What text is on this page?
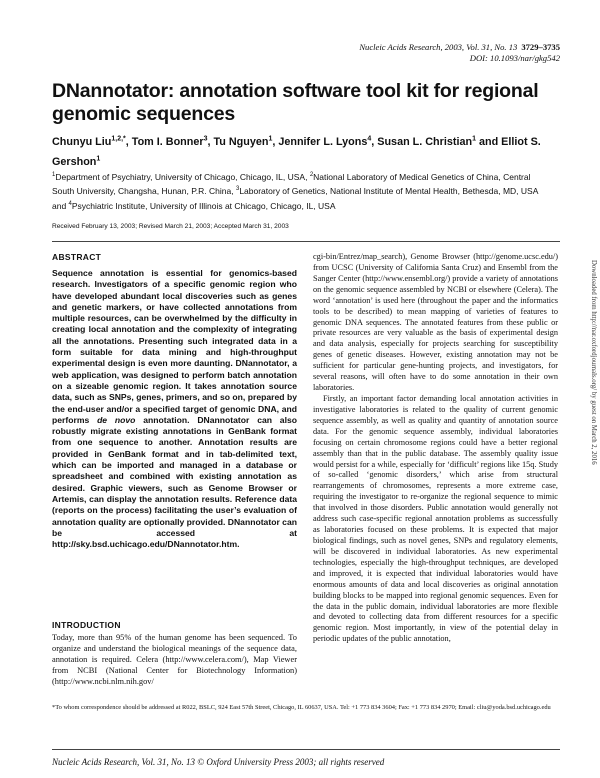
Nucleic Acids Research, 2003, Vol. 31, No. 13 3729–3735
DOI: 10.1093/nar/gkg542
DNannotator: annotation software tool kit for regional genomic sequences

Chunyu Liu$^{1,2,*}$, Tom I. Bonner$^3$, Tu Nguyen$^1$, Jennifer L. Lyons$^4$, Susan L. Christian$^1$ and Elliot S. Gershon$^1$

$^1$Department of Psychiatry, University of Chicago, Chicago, IL, USA, $^2$National Laboratory of Medical Genetics of China, Central South University, Changsha, Hunan, P.R. China, $^3$Laboratory of Genetics, National Institute of Mental Health, Bethesda, MD, USA and $^4$Psychiatric Institute, University of Illinois at Chicago, Chicago, IL, USA

Received February 13, 2003; Revised March 21, 2003; Accepted March 31, 2003
ABSTRACT

Sequence annotation is essential for genomics-based research. Investigators of a specific genomic region who have developed abundant local discoveries such as genes and genetic markers, or have collected annotations from multiple resources, can be overwhelmed by the difficulty in creating local annotation and the complexity of integrating all the annotations. Presenting such integrated data in a form suitable for data mining and high-throughput experimental design is even more daunting. DNannotator, a web application, was designed to perform batch annotation on a sizeable genomic region. It takes annotation source data, such as SNPs, genes, primers, and so on, prepared by the end-user and/or a specified target of genomic DNA, and performs de novo annotation. DNannotator can also robustly migrate existing annotations in GenBank format from one sequence to another. Annotation results are provided in GenBank format and in tab-delimited text, which can be imported and managed in a database or spreadsheet and combined with existing annotation as desired. Graphic viewers, such as Genome Browser or Artemis, can display the annotation results. Reference data (reports on the process) facilitating the user’s evaluation of annotation quality are optionally provided. DNannotator can be accessed at http://sky.bsd.uchicago.edu/DNannotator.htm.

INTRODUCTION

Today, more than 95% of the human genome has been sequenced. To organize and understand the biological meanings of the sequence data, annotation is required. Celera (http://www.celera.com/), Map Viewer from NCBI (National Center for Biotechnology Information) (http://www.ncbi.nlm.nih.gov/

cgi-bin/Entrez/map_search), Genome Browser (http://genome.ucsc.edu/) from UCSC (University of California Santa Cruz) and Ensembl from the Sanger Center (http://www.ensembl.org/) provide a variety of annotations on the genomic sequence assembled by NCBI or elsewhere (Celera). The word ‘annotation’ is used here (throughout the paper and the informatics tools to be described) to mean mapping of varieties of features to genomic DNA sequences. The annotated features from these public or private resources are very valuable as the basis of experimental design and data analysis, especially for projects searching for susceptibility genes of genetic diseases. However, existing annotation may not be sufficient for particular gene-hunting projects, and investigators, for several reasons, will often have to do some annotation in their own laboratories.

Firstly, an important factor demanding local annotation activities in investigative laboratories is related to the quality of current genomic sequence assembly, as well as quality and quantity of annotation source data. For the genomic sequence assembly, individual laboratories focusing on certain chromosome regions could have a better regional assembly than that in the public database. The assembly quality issue would persist for a while, especially for ‘difficult’ regions like 15q. Study of so-called ‘genomic disorders,’ which arise from structural rearrangements of chromosomes, represents a more extreme case, requiring the investigator to re-organize the regional sequence to mimic that involved in those disorders. Public annotation would generally not address such case-specific regional annotation problems as successfully as laboratories focused on these problems. It is expected that major biological findings, such as novel genes, SNPs and regulatory elements, will be discovered in individual laboratories. As new experimental technologies, especially the high-throughput techniques, are developed and improved, it is expected that individual laboratories would have enormous amounts of data and local discoveries as original annotation building blocks to be mapped into regional genomic sequences. Even for the data in the public domain, individual laboratories are more flexible and devoted to collecting data from different resources for a specific genomic region. Most importantly, in view of the potential delay in periodic updates of the public annotation,

*To whom correspondence should be addressed at R022, BSLC, 924 East 57th Street, Chicago, IL 60637, USA. Tel: +1 773 834 3604; Fax: +1 773 834 2970; Email: cliu@yoda.bsd.uchicago.edu

Nucleic Acids Research, Vol. 31, No. 13 © Oxford University Press 2003; all rights reserved
Downloaded from http://nar.oxfordjournals.org/ by guest on March 2, 2016
